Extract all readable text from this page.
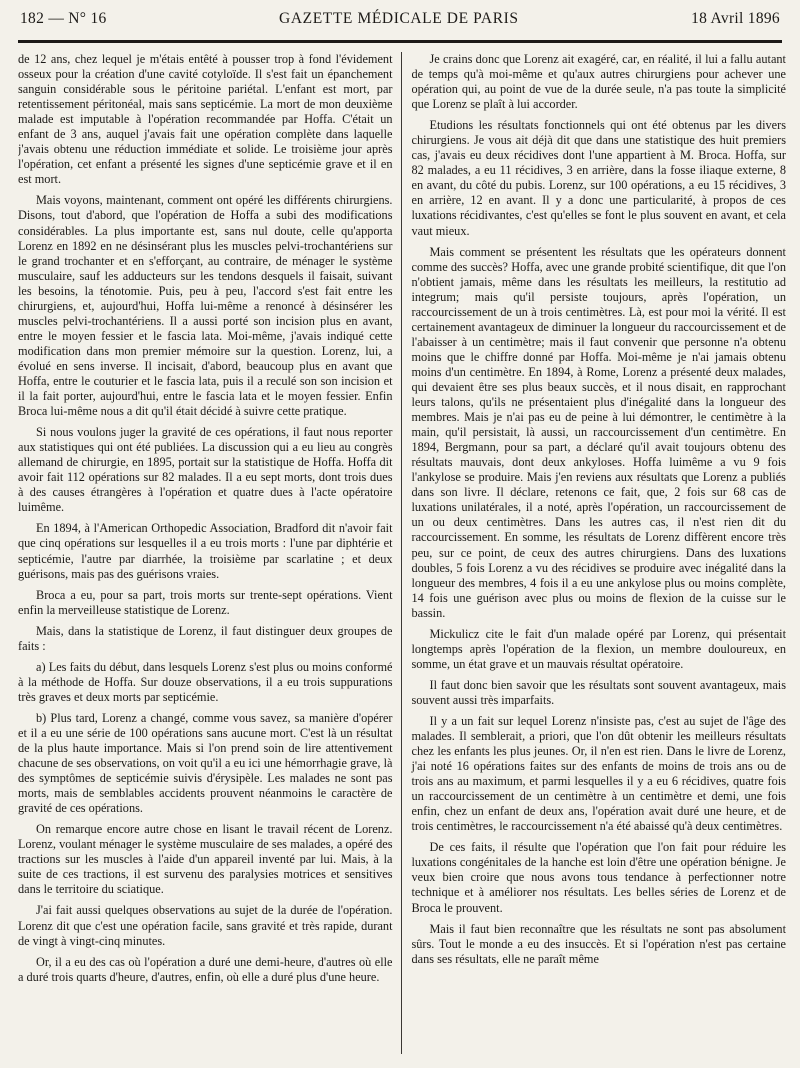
182 — N° 16	GAZETTE MÉDICALE DE PARIS	18 Avril 1896

de 12 ans, chez lequel je m'étais entêté à pousser trop à fond l'évidement osseux pour la création d'une cavité cotyloïde. Il s'est fait un épanchement sanguin considérable sous le péritoine pariétal. L'enfant est mort, par retentissement péritonéal, mais sans septicémie. La mort de mon deuxième malade est imputable à l'opération recommandée par Hoffa. C'était un enfant de 3 ans, auquel j'avais fait une opération complète dans laquelle j'avais obtenu une réduction immédiate et solide. Le troisième jour après l'opération, cet enfant a présenté les signes d'une septicémie grave et il en est mort.

Mais voyons, maintenant, comment ont opéré les différents chirurgiens. Disons, tout d'abord, que l'opération de Hoffa a subi des modifications considérables. La plus importante est, sans nul doute, celle qu'apporta Lorenz en 1892 en ne désinsérant plus les muscles pelvi-trochantériens sur le grand trochanter et en s'efforçant, au contraire, de ménager le système musculaire, sauf les adducteurs sur les tendons desquels il faisait, suivant les besoins, la ténotomie. Puis, peu à peu, l'accord s'est fait entre les chirurgiens, et, aujourd'hui, Hoffa lui-même a renoncé à désinsérer les muscles pelvi-trochantériens. Il a aussi porté son incision plus en avant, entre le moyen fessier et le fascia lata. Moi-même, j'avais indiqué cette modification dans mon premier mémoire sur la question. Lorenz, lui, a évolué en sens inverse. Il incisait, d'abord, beaucoup plus en avant que Hoffa, entre le couturier et le fascia lata, puis il a reculé son son incision et il la fait porter, aujourd'hui, entre le fascia lata et le moyen fessier. Enfin Broca lui-même nous a dit qu'il était décidé à suivre cette pratique.

Si nous voulons juger la gravité de ces opérations, il faut nous reporter aux statistiques qui ont été publiées. La discussion qui a eu lieu au congrès allemand de chirurgie, en 1895, portait sur la statistique de Hoffa. Hoffa dit avoir fait 112 opérations sur 82 malades. Il a eu sept morts, dont trois dues à des causes étrangères à l'opération et quatre dues à l'acte opératoire luimême.

En 1894, à l'American Orthopedic Association, Bradford dit n'avoir fait que cinq opérations sur lesquelles il a eu trois morts : l'une par diphtérie et septicémie, l'autre par diarrhée, la troisième par scarlatine ; et deux guérisons, mais pas des guérisons vraies.

Broca a eu, pour sa part, trois morts sur trente-sept opérations. Vient enfin la merveilleuse statistique de Lorenz.

Mais, dans la statistique de Lorenz, il faut distinguer deux groupes de faits :

a) Les faits du début, dans lesquels Lorenz s'est plus ou moins conformé à la méthode de Hoffa. Sur douze observations, il a eu trois suppurations très graves et deux morts par septicémie.

b) Plus tard, Lorenz a changé, comme vous savez, sa manière d'opérer et il a eu une série de 100 opérations sans aucune mort. C'est là un résultat de la plus haute importance. Mais si l'on prend soin de lire attentivement chacune de ses observations, on voit qu'il a eu ici une hémorrhagie grave, là des symptômes de septicémie suivis d'érysipèle. Les malades ne sont pas morts, mais de semblables accidents prouvent néanmoins le caractère de gravité de ces opérations.

On remarque encore autre chose en lisant le travail récent de Lorenz. Lorenz, voulant ménager le système musculaire de ses malades, a opéré des tractions sur les muscles à l'aide d'un appareil inventé par lui. Mais, à la suite de ces tractions, il est survenu des paralysies motrices et sensitives dans le territoire du sciatique.

J'ai fait aussi quelques observations au sujet de la durée de l'opération. Lorenz dit que c'est une opération facile, sans gravité et très rapide, durant de vingt à vingt-cinq minutes.

Or, il a eu des cas où l'opération a duré une demi-heure, d'autres où elle a duré trois quarts d'heure, d'autres, enfin, où elle a duré plus d'une heure.

Je crains donc que Lorenz ait exagéré, car, en réalité, il lui a fallu autant de temps qu'à moi-même et qu'aux autres chirurgiens pour achever une opération qui, au point de vue de la durée seule, n'a pas toute la simplicité que Lorenz se plaît à lui accorder.

Etudions les résultats fonctionnels qui ont été obtenus par les divers chirurgiens. Je vous ait déjà dit que dans une statistique des huit premiers cas, j'avais eu deux récidives dont l'une appartient à M. Broca. Hoffa, sur 82 malades, a eu 11 récidives, 3 en arrière, dans la fosse iliaque externe, 8 en avant, du côté du pubis. Lorenz, sur 100 opérations, a eu 15 récidives, 3 en arrière, 12 en avant. Il y a donc une particularité, à propos de ces luxations récidivantes, c'est qu'elles se font le plus souvent en avant, et cela vaut mieux.

Mais comment se présentent les résultats que les opérateurs donnent comme des succès? Hoffa, avec une grande probité scientifique, dit que l'on n'obtient jamais, même dans les résultats les meilleurs, la restitutio ad integrum; mais qu'il persiste toujours, après l'opération, un raccourcissement de un à trois centimètres. Là, est pour moi la vérité. Il est certainement avantageux de diminuer la longueur du raccourcissement et de l'abaisser à un centimètre; mais il faut convenir que personne n'a obtenu moins que le chiffre donné par Hoffa. Moi-même je n'ai jamais obtenu moins d'un centimètre. En 1894, à Rome, Lorenz a présenté deux malades, qui devaient être ses plus beaux succès, et il nous disait, en rapprochant leurs talons, qu'ils ne présentaient plus d'inégalité dans la longueur des membres. Mais je n'ai pas eu de peine à lui démontrer, le centimètre à la main, qu'il persistait, là aussi, un raccourcissement d'un centimètre. En 1894, Bergmann, pour sa part, a déclaré qu'il avait toujours obtenu des résultats mauvais, dont deux ankyloses. Hoffa luimême a vu 9 fois l'ankylose se produire. Mais j'en reviens aux résultats que Lorenz a publiés dans son livre. Il déclare, retenons ce fait, que, 2 fois sur 68 cas de luxations unilatérales, il a noté, après l'opération, un raccourcissement de un ou deux centimètres. Dans les autres cas, il n'est rien dit du raccourcissement. En somme, les résultats de Lorenz diffèrent encore très peu, sur ce point, de ceux des autres chirurgiens. Dans des luxations doubles, 5 fois Lorenz a vu des récidives se produire avec inégalité dans la longueur des membres, 4 fois il a eu une ankylose plus ou moins complète, 14 fois une guérison avec plus ou moins de flexion de la cuisse sur le bassin.

Mickulicz cite le fait d'un malade opéré par Lorenz, qui présentait longtemps après l'opération de la flexion, un membre douloureux, en somme, un état grave et un mauvais résultat opératoire.

Il faut donc bien savoir que les résultats sont souvent avantageux, mais souvent aussi très imparfaits.

Il y a un fait sur lequel Lorenz n'insiste pas, c'est au sujet de l'âge des malades. Il semblerait, a priori, que l'on dût obtenir les meilleurs résultats chez les enfants les plus jeunes. Or, il n'en est rien. Dans le livre de Lorenz, j'ai noté 16 opérations faites sur des enfants de moins de trois ans ou de trois ans au maximum, et parmi lesquelles il y a eu 6 récidives, quatre fois un raccourcissement de un centimètre à un centimètre et demi, une fois enfin, chez un enfant de deux ans, l'opération avait duré une heure, et de trois centimètres, le raccourcissement n'a été abaissé qu'à deux centimètres.

De ces faits, il résulte que l'opération que l'on fait pour réduire les luxations congénitales de la hanche est loin d'être une opération bénigne. Je veux bien croire que nous avons tous tendance à perfectionner notre technique et à améliorer nos résultats. Les belles séries de Lorenz et de Broca le prouvent.

Mais il faut bien reconnaître que les résultats ne sont pas absolument sûrs. Tout le monde a eu des insuccès. Et si l'opération n'est pas certaine dans ses résultats, elle ne paraît même
